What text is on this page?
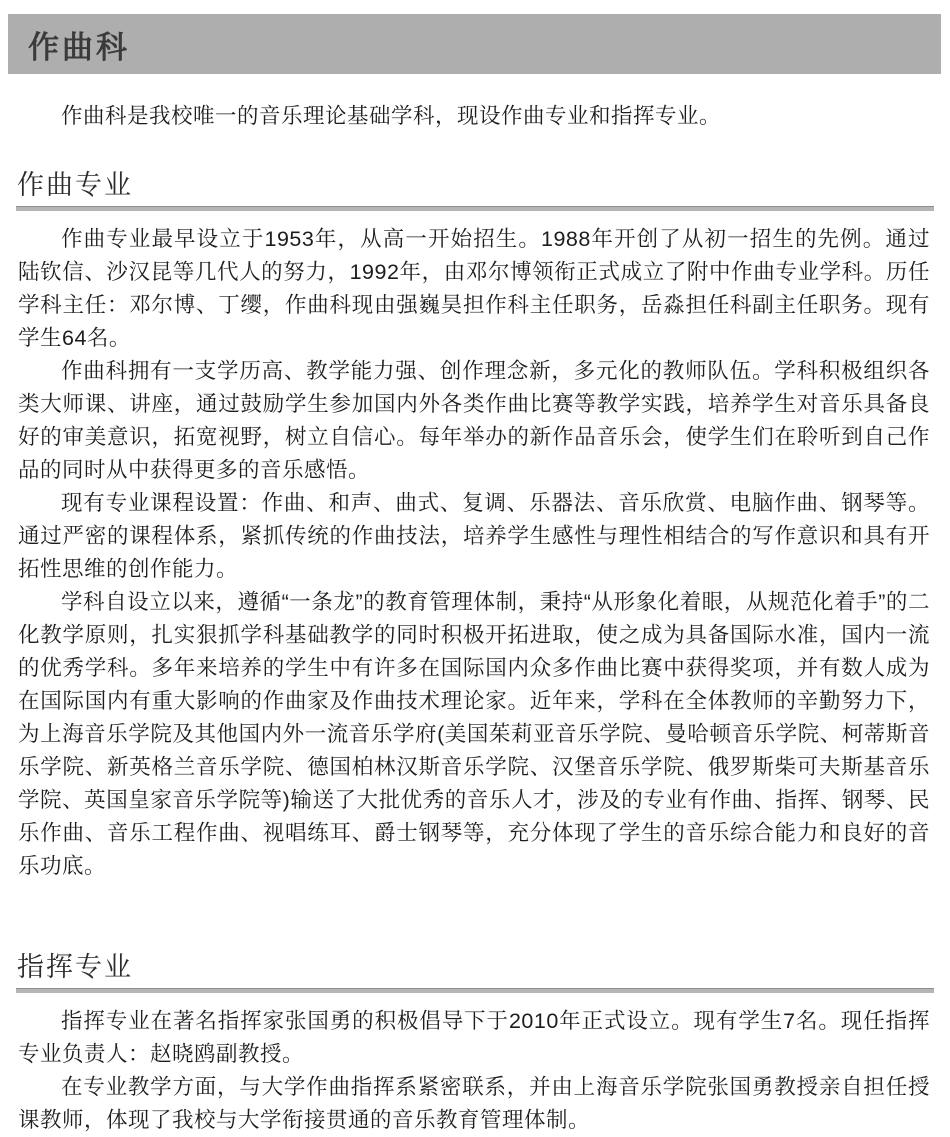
作曲科

作曲科是我校唯一的音乐理论基础学科，现设作曲专业和指挥专业。

作曲专业

作曲专业最早设立于1953年，从高一开始招生。1988年开创了从初一招生的先例。通过陆钦信、沙汉昆等几代人的努力，1992年，由邓尔博领衔正式成立了附中作曲专业学科。历任学科主任：邓尔博、丁缨，作曲科现由强巍昊担作科主任职务，岳淼担任科副主任职务。现有学生64名。

作曲科拥有一支学历高、教学能力强、创作理念新，多元化的教师队伍。学科积极组织各类大师课、讲座，通过鼓励学生参加国内外各类作曲比赛等教学实践，培养学生对音乐具备良好的审美意识，拓宽视野，树立自信心。每年举办的新作品音乐会，使学生们在聆听到自己作品的同时从中获得更多的音乐感悟。

现有专业课程设置：作曲、和声、曲式、复调、乐器法、音乐欣赏、电脑作曲、钢琴等。通过严密的课程体系，紧抓传统的作曲技法，培养学生感性与理性相结合的写作意识和具有开拓性思维的创作能力。

学科自设立以来，遵循“一条龙”的教育管理体制，秉持“从形象化着眼，从规范化着手”的二化教学原则，扎实狠抓学科基础教学的同时积极开拓进取，使之成为具备国际水准，国内一流的优秀学科。多年来培养的学生中有许多在国际国内众多作曲比赛中获得奖项，并有数人成为在国际国内有重大影响的作曲家及作曲技术理论家。近年来，学科在全体教师的辛勤努力下，为上海音乐学院及其他国内外一流音乐学府(美国茱莉亚音乐学院、曼哈顿音乐学院、柯蒂斯音乐学院、新英格兰音乐学院、德国柏林汉斯音乐学院、汉堡音乐学院、俄罗斯柴可夫斯基音乐学院、英国皇家音乐学院等)输送了大批优秀的音乐人才，涉及的专业有作曲、指挥、钢琴、民乐作曲、音乐工程作曲、视唱练耳、爵士钢琴等，充分体现了学生的音乐综合能力和良好的音乐功底。

指挥专业

指挥专业在著名指挥家张国勇的积极倡导下于2010年正式设立。现有学生7名。现任指挥专业负责人：赵晓鸥副教授。

在专业教学方面，与大学作曲指挥系紧密联系，并由上海音乐学院张国勇教授亲自担任授课教师，体现了我校与大学衔接贯通的音乐教育管理体制。
